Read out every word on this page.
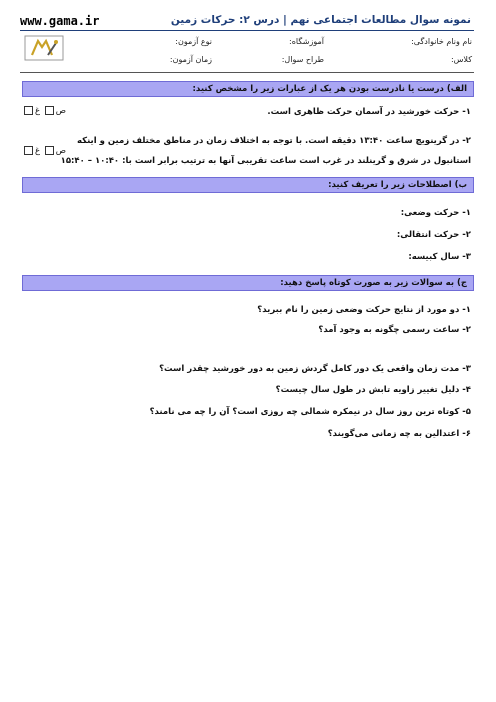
www.gama.ir	نمونه سوال مطالعات اجتماعی نهم | درس ۲: حرکات زمین
نام ونام خانوادگی:
آموزشگاه:
نوع آزمون:
کلاس:
طراح سوال:
زمان آزمون:
الف) درست یا نادرست بودن هر یک از عبارات زیر را مشخص کنید:
۱- حرکت خورشید در آسمان حرکت ظاهری است.
ص غ
۲- در گرینویچ ساعت ۱۳:۴۰ دقیقه است. با توجه به اختلاف زمان در مناطق مختلف زمین و اینکه
استانبول در شرق و گرینلند در غرب است ساعت تقریبی آنها به ترتیب برابر است با: ۱۰:۴۰ – ۱۵:۴۰
ص غ
ب) اصطلاحات زیر را تعریف کنید:
۱- حرکت وضعی:
۲- حرکت انتقالی:
۳- سال کبیسه:
ج) به سوالات زیر به صورت کوتاه پاسخ دهید:
۱- دو مورد از نتایج حرکت وضعی زمین را نام ببرید؟
۲- ساعت رسمی چگونه به وجود آمد؟
۳- مدت زمان واقعی یک دور کامل گردش زمین به دور خورشید چقدر است؟
۴- دلیل تغییر زاویه تابش در طول سال چیست؟
۵- کوتاه ترین روز سال در نیمکره شمالی چه روزی است؟ آن را چه می نامند؟
۶- اعتدالین به چه زمانی می‌گویند؟
